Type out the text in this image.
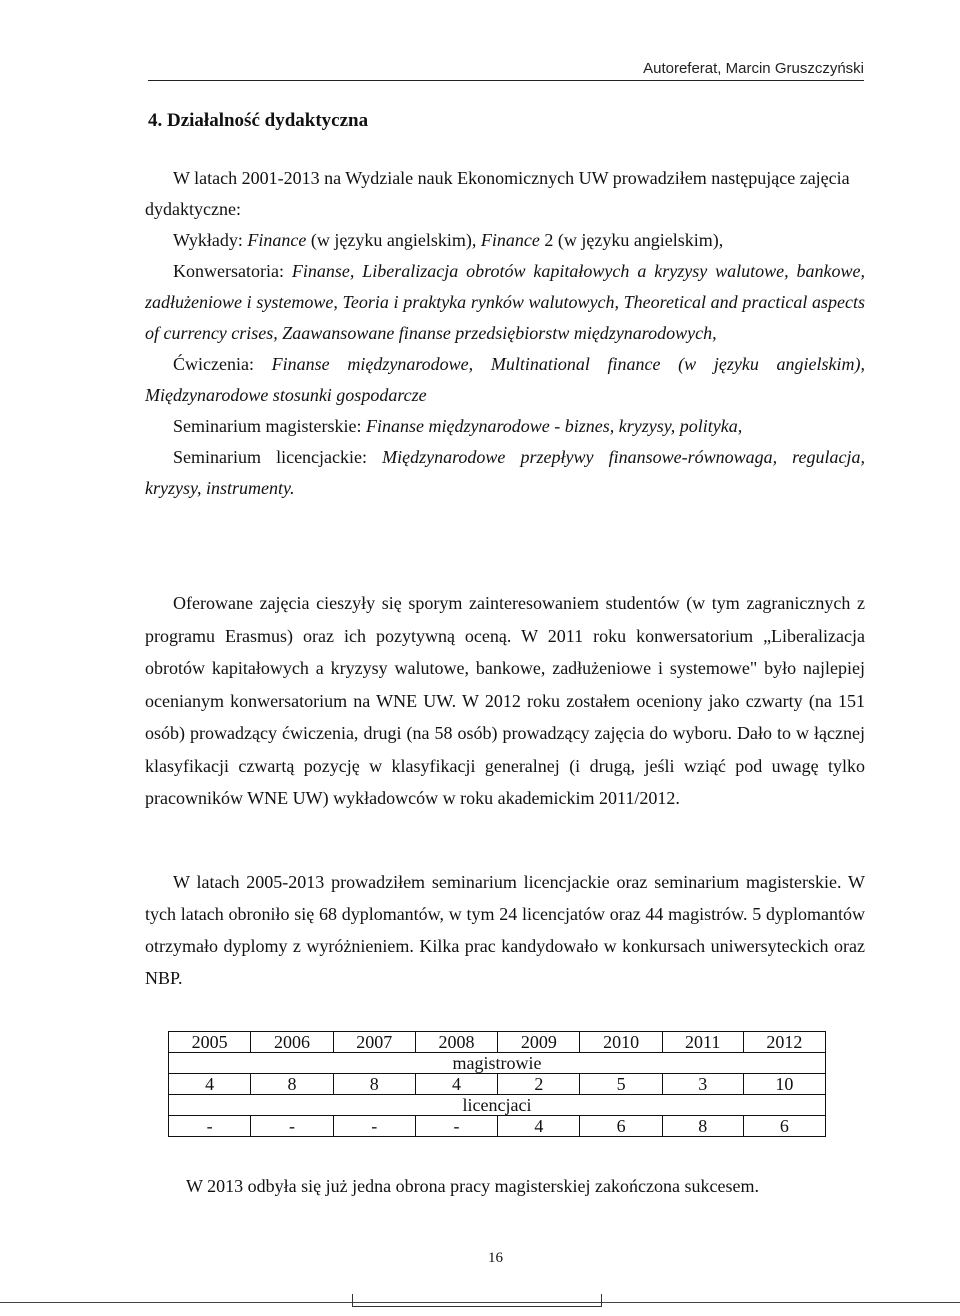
Autoreferat, Marcin Gruszczyński
4. Działalność dydaktyczna

W latach 2001-2013 na Wydziale nauk Ekonomicznych UW prowadziłem następujące zajęcia dydaktyczne:

Wykłady: Finance (w języku angielskim), Finance 2 (w języku angielskim),

Konwersatoria: Finanse, Liberalizacja obrotów kapitałowych a kryzysy walutowe, bankowe, zadłużeniowe i systemowe, Teoria i praktyka rynków walutowych, Theoretical and practical aspects of currency crises, Zaawansowane finanse przedsiębiorstw międzynarodowych,

Ćwiczenia: Finanse międzynarodowe, Multinational finance (w języku angielskim), Międzynarodowe stosunki gospodarcze

Seminarium magisterskie: Finanse międzynarodowe - biznes, kryzysy, polityka,

Seminarium licencjackie: Międzynarodowe przepływy finansowe-równowaga, regulacja, kryzysy, instrumenty.

Oferowane zajęcia cieszyły się sporym zainteresowaniem studentów (w tym zagranicznych z programu Erasmus) oraz ich pozytywną oceną. W 2011 roku konwersatorium „Liberalizacja obrotów kapitałowych a kryzysy walutowe, bankowe, zadłużeniowe i systemowe" było najlepiej ocenianym konwersatorium na WNE UW. W 2012 roku zostałem oceniony jako czwarty (na 151 osób) prowadzący ćwiczenia, drugi (na 58 osób) prowadzący zajęcia do wyboru. Dało to w łącznej klasyfikacji czwartą pozycję w klasyfikacji generalnej (i drugą, jeśli wziąć pod uwagę tylko pracowników WNE UW) wykładowców w roku akademickim 2011/2012.
W latach 2005-2013 prowadziłem seminarium licencjackie oraz seminarium magisterskie. W tych latach obroniło się 68 dyplomantów, w tym 24 licencjatów oraz 44 magistrów. 5 dyplomantów otrzymało dyplomy z wyróżnieniem. Kilka prac kandydowało w konkursach uniwersyteckich oraz NBP.
2005	2006	2007	2008	2009	2010	2011	2012
magistrowie							
4	8	8	4	2	5	3	10
licencjaci							
-	-	-	-	4	6	8	6
W 2013 odbyła się już jedna obrona pracy magisterskiej zakończona sukcesem.
16
